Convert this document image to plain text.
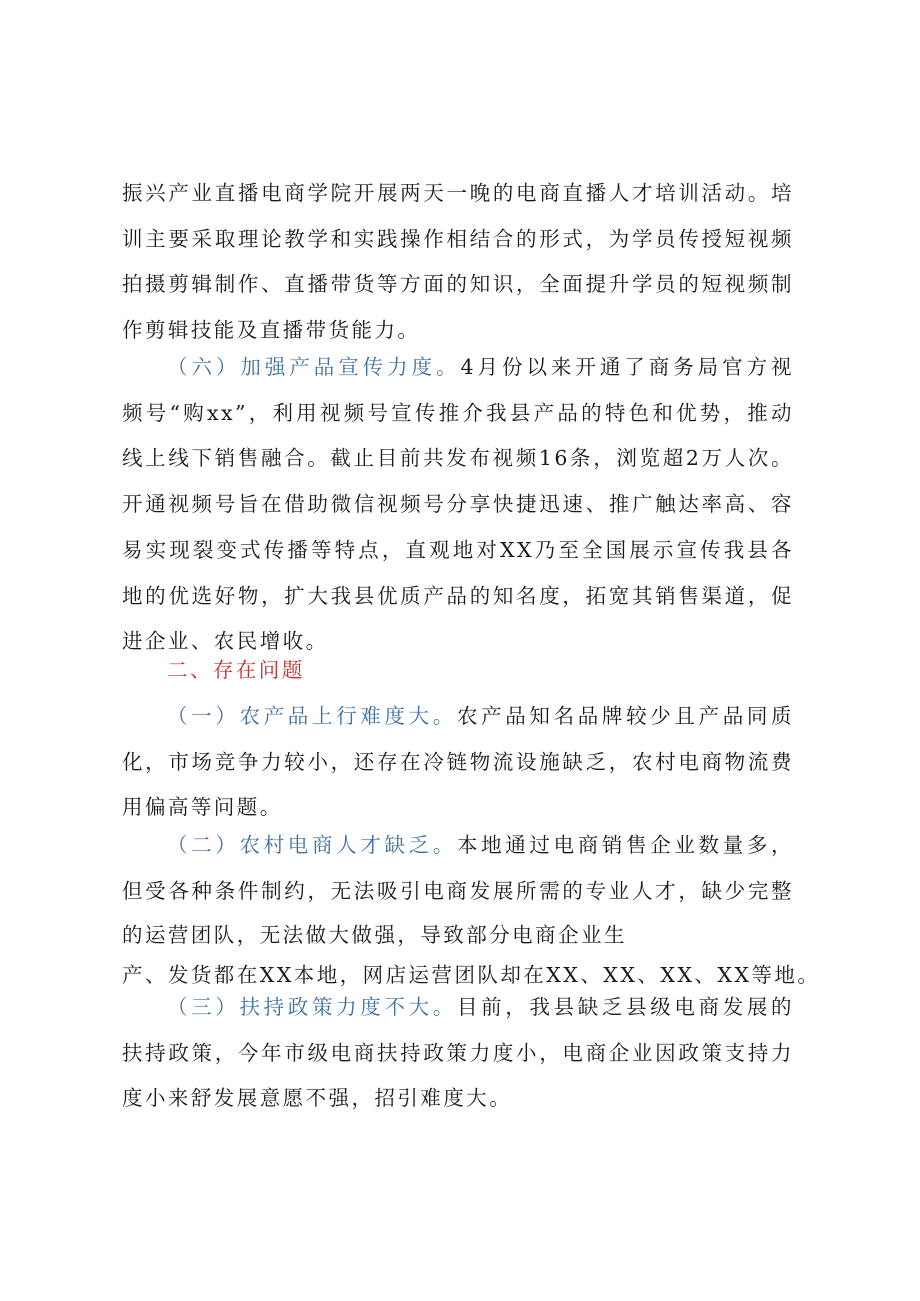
振兴产业直播电商学院开展两天一晚的电商直播人才培训活动。培
训主要采取理论教学和实践操作相结合的形式，为学员传授短视频
拍摄剪辑制作、直播带货等方面的知识，全面提升学员的短视频制
作剪辑技能及直播带货能力。

（六）加强产品宣传力度。4月份以来开通了商务局官方视
频号“购xx”，利用视频号宣传推介我县产品的特色和优势，推动
线上线下销售融合。截止目前共发布视频16条，浏览超2万人次。
开通视频号旨在借助微信视频号分享快捷迅速、推广触达率高、容
易实现裂变式传播等特点，直观地对XX乃至全国展示宣传我县各
地的优选好物，扩大我县优质产品的知名度，拓宽其销售渠道，促
进企业、农民增收。

二、存在问题

（一）农产品上行难度大。农产品知名品牌较少且产品同质
化，市场竞争力较小，还存在冷链物流设施缺乏，农村电商物流费
用偏高等问题。

（二）农村电商人才缺乏。本地通过电商销售企业数量多，
但受各种条件制约，无法吸引电商发展所需的专业人才，缺少完整
的运营团队，无法做大做强，导致部分电商企业生
产、发货都在XX本地，网店运营团队却在XX、XX、XX、XX等地。

（三）扶持政策力度不大。目前，我县缺乏县级电商发展的
扶持政策，今年市级电商扶持政策力度小，电商企业因政策支持力
度小来舒发展意愿不强，招引难度大。
